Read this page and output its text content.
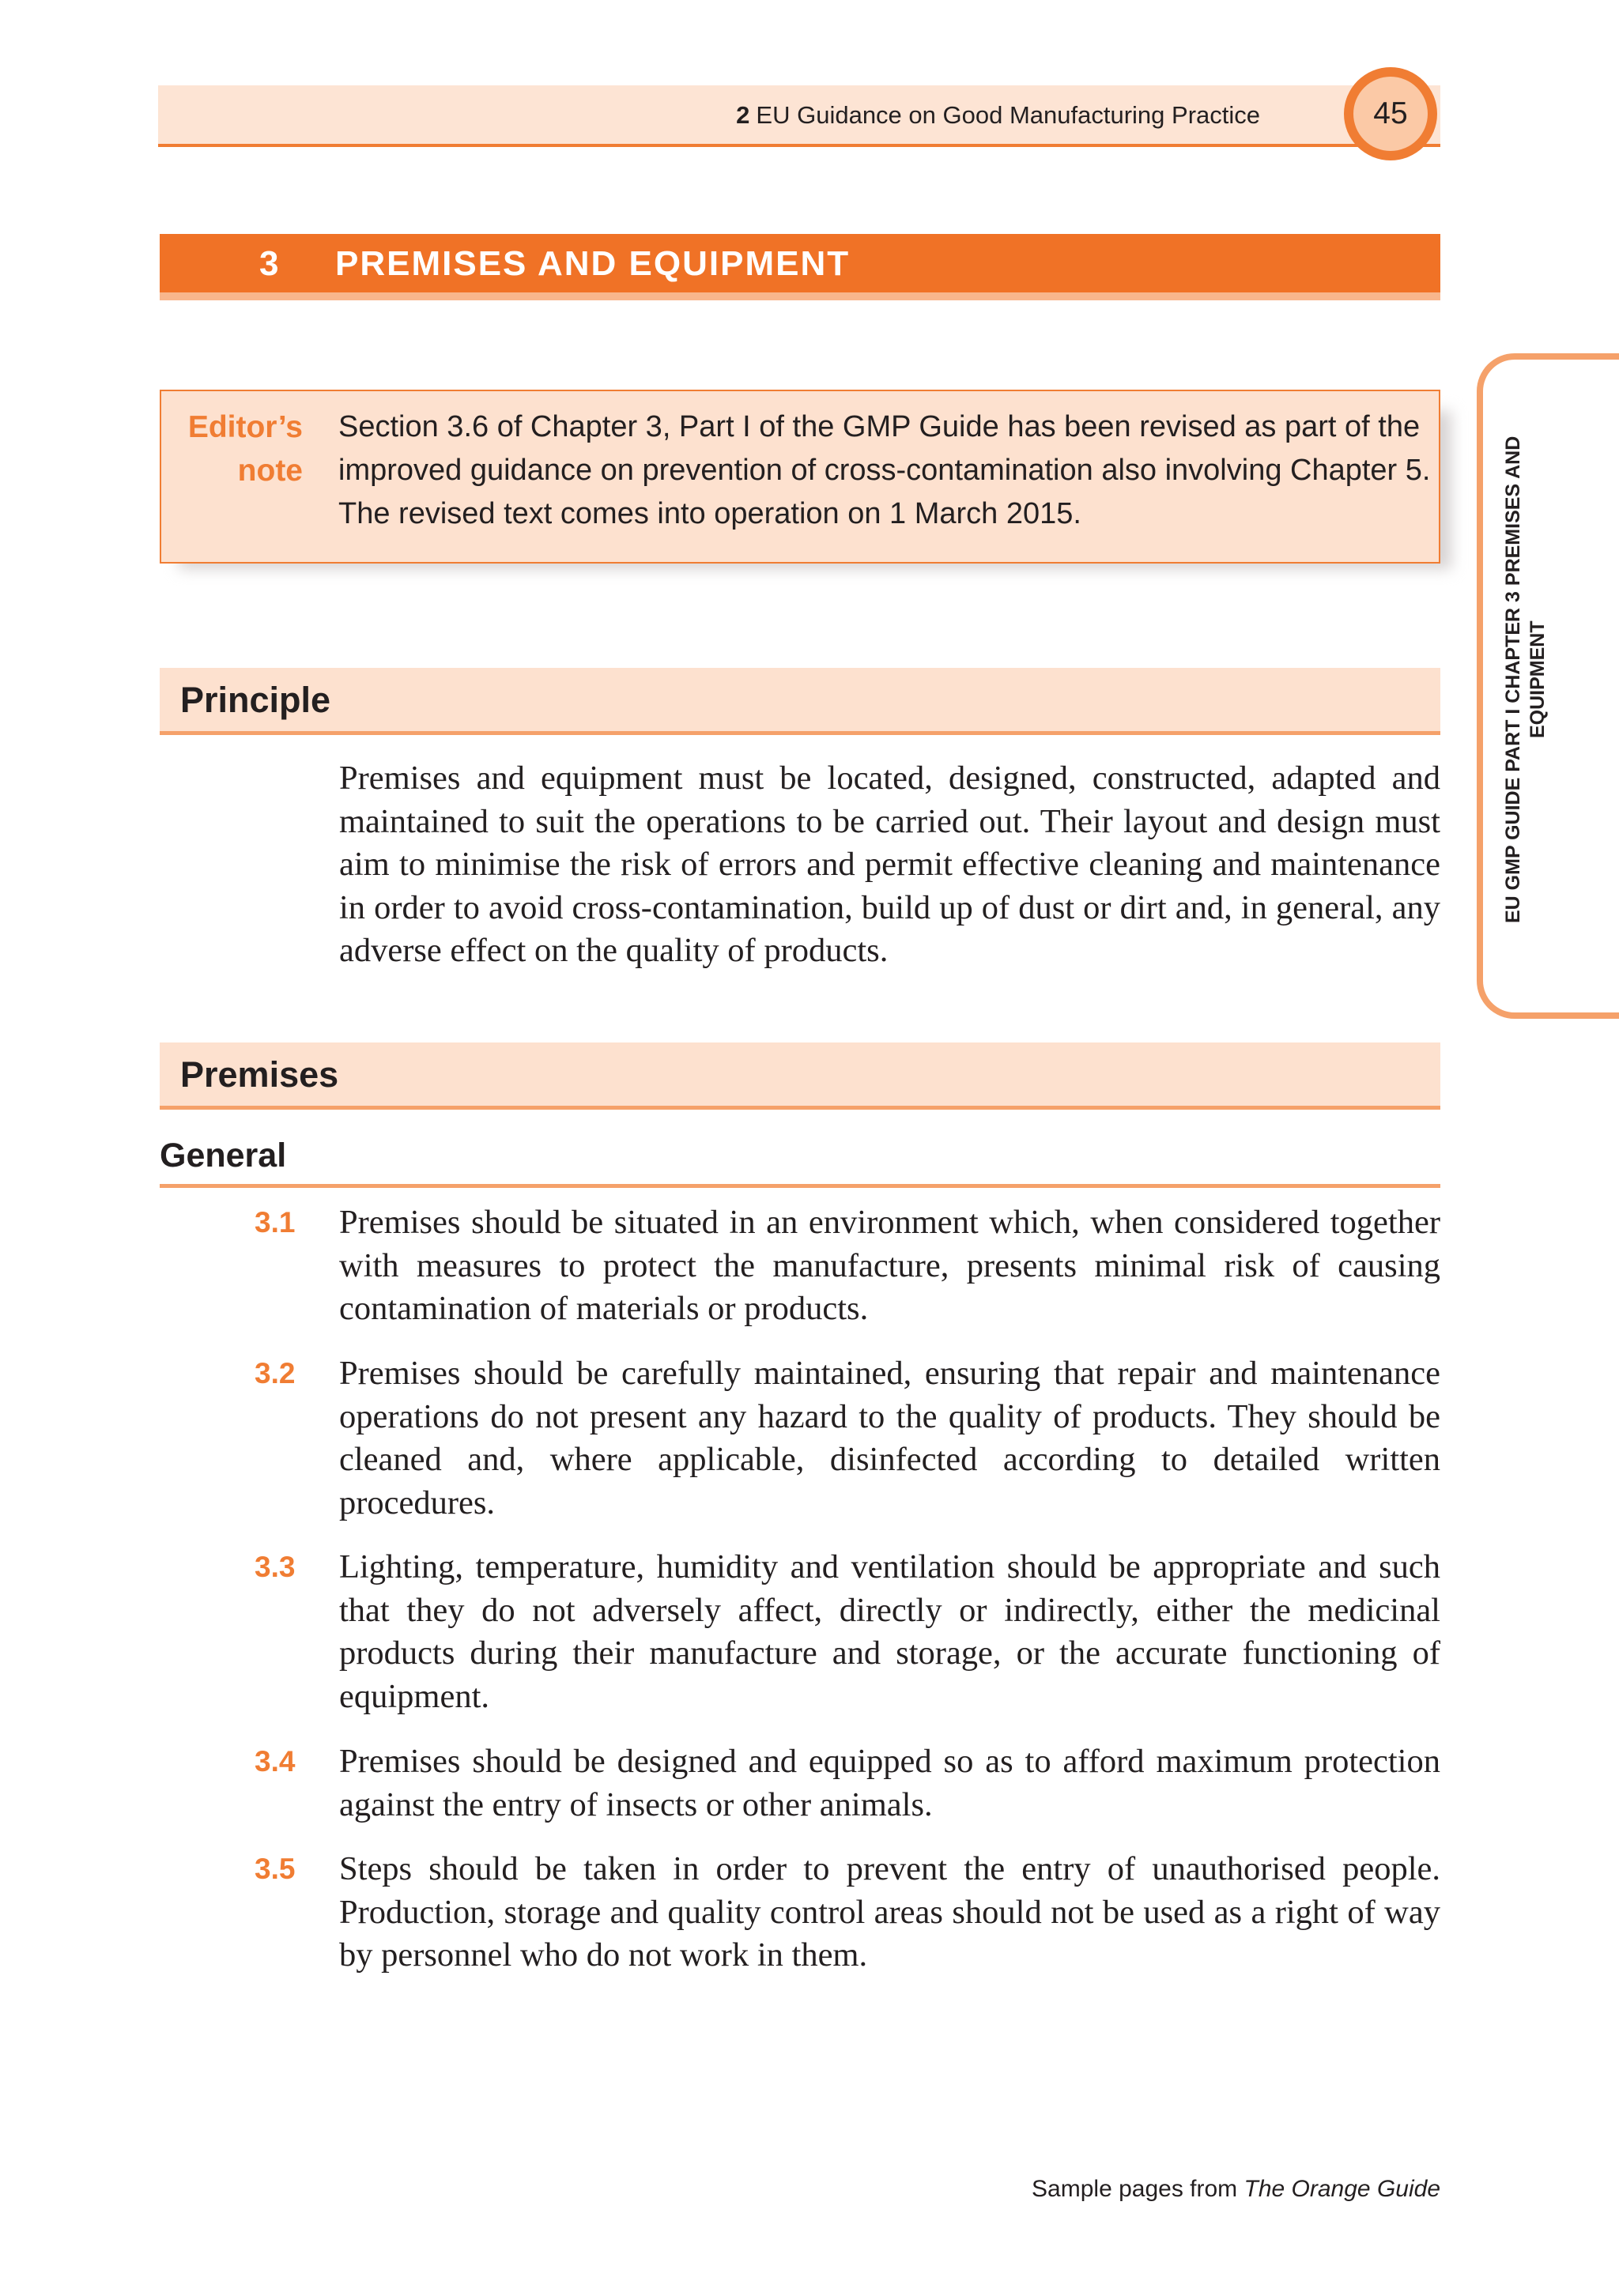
2 EU Guidance on Good Manufacturing Practice	45
3 PREMISES AND EQUIPMENT
Editor’s
note
Section 3.6 of Chapter 3, Part I of the GMP Guide has been revised as part of the improved guidance on prevention of cross-contamination also involving Chapter 5. The revised text comes into operation on 1 March 2015.
Principle
Premises and equipment must be located, designed, constructed, adapted and maintained to suit the operations to be carried out. Their layout and design must aim to minimise the risk of errors and permit effective cleaning and maintenance in order to avoid cross-contamination, build up of dust or dirt and, in general, any adverse effect on the quality of products.
Premises
General
3.1 Premises should be situated in an environment which, when considered together with measures to protect the manufacture, presents minimal risk of causing contamination of materials or products.
3.2 Premises should be carefully maintained, ensuring that repair and maintenance operations do not present any hazard to the quality of products. They should be cleaned and, where applicable, disinfected according to detailed written procedures.
3.3 Lighting, temperature, humidity and ventilation should be appropriate and such that they do not adversely affect, directly or indirectly, either the medicinal products during their manufacture and storage, or the accurate functioning of equipment.
3.4 Premises should be designed and equipped so as to afford maximum protection against the entry of insects or other animals.
3.5 Steps should be taken in order to prevent the entry of unauthorised people. Production, storage and quality control areas should not be used as a right of way by personnel who do not work in them.
EU GMP GUIDE PART I CHAPTER 3 PREMISES AND EQUIPMENT
Sample pages from The Orange Guide
